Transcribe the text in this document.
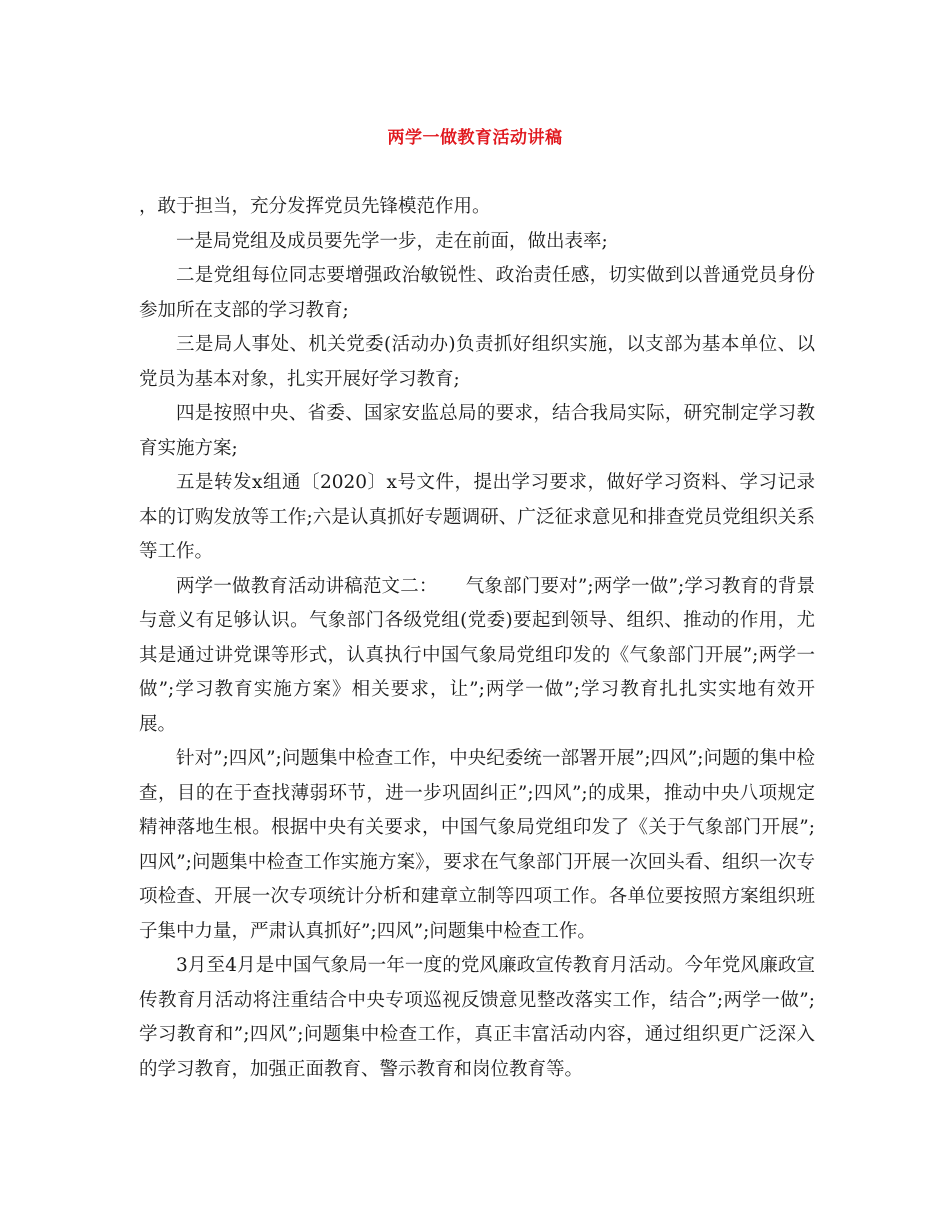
两学一做教育活动讲稿

，敢于担当，充分发挥党员先锋模范作用。

一是局党组及成员要先学一步，走在前面，做出表率;

二是党组每位同志要增强政治敏锐性、政治责任感，切实做到以普通党员身份参加所在支部的学习教育;

三是局人事处、机关党委(活动办)负责抓好组织实施，以支部为基本单位、以党员为基本对象，扎实开展好学习教育;

四是按照中央、省委、国家安监总局的要求，结合我局实际，研究制定学习教育实施方案;

五是转发x组通〔2020〕x号文件，提出学习要求，做好学习资料、学习记录本的订购发放等工作;六是认真抓好专题调研、广泛征求意见和排查党员党组织关系等工作。

两学一做教育活动讲稿范文二：　　气象部门要对”;两学一做”;学习教育的背景与意义有足够认识。气象部门各级党组(党委)要起到领导、组织、推动的作用，尤其是通过讲党课等形式，认真执行中国气象局党组印发的《气象部门开展”;两学一做”;学习教育实施方案》相关要求，让”;两学一做”;学习教育扎扎实实地有效开展。

针对”;四风”;问题集中检查工作，中央纪委统一部署开展”;四风”;问题的集中检查，目的在于查找薄弱环节，进一步巩固纠正”;四风”;的成果，推动中央八项规定精神落地生根。根据中央有关要求，中国气象局党组印发了《关于气象部门开展”;四风”;问题集中检查工作实施方案》，要求在气象部门开展一次回头看、组织一次专项检查、开展一次专项统计分析和建章立制等四项工作。各单位要按照方案组织班子集中力量，严肃认真抓好”;四风”;问题集中检查工作。

3月至4月是中国气象局一年一度的党风廉政宣传教育月活动。今年党风廉政宣传教育月活动将注重结合中央专项巡视反馈意见整改落实工作，结合”;两学一做”;学习教育和”;四风”;问题集中检查工作，真正丰富活动内容，通过组织更广泛深入的学习教育，加强正面教育、警示教育和岗位教育等。
